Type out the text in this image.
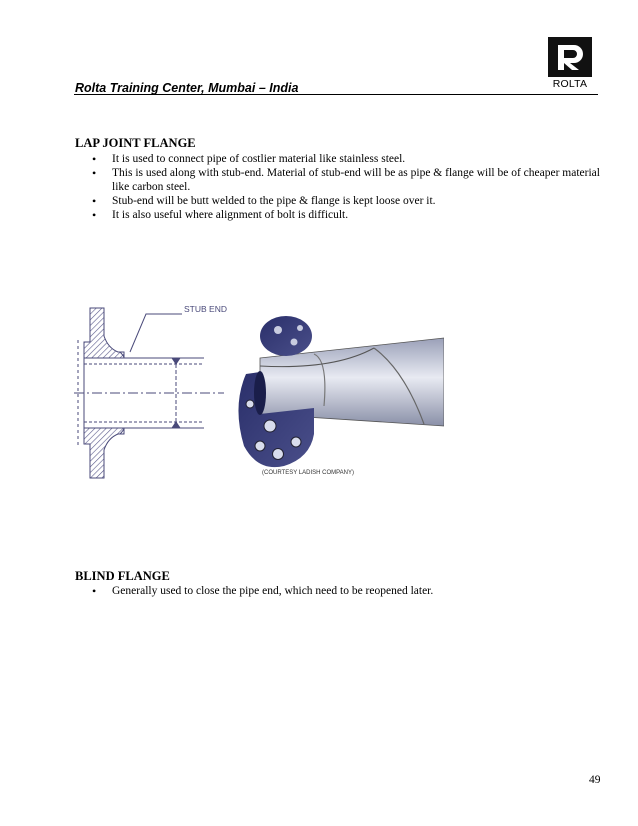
Rolta Training Center, Mumbai – India	ROLTA
LAP JOINT FLANGE
• It is used to connect pipe of costlier material like stainless steel.
• This is used along with stub-end. Material of stub-end will be as pipe & flange will be of cheaper material like carbon steel.
• Stub-end will be butt welded to the pipe & flange is kept loose over it.
• It is also useful where alignment of bolt is difficult.
STUB END
(COURTESY LADISH COMPANY)
BLIND FLANGE
• Generally used to close the pipe end, which need to be reopened later.
49
